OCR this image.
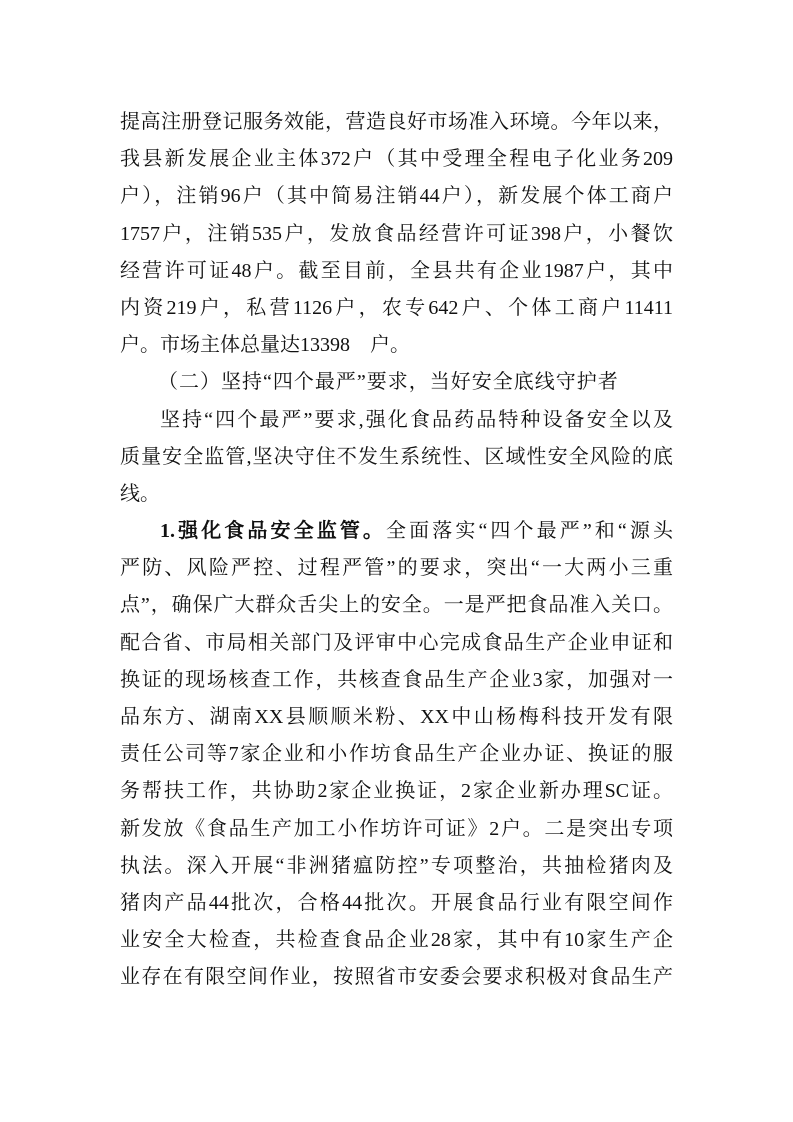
提高注册登记服务效能，营造良好市场准入环境。今年以来，
我县新发展企业主体372户（其中受理全程电子化业务209
户），注销96户（其中简易注销44户），新发展个体工商户
1757户，注销535户，发放食品经营许可证398户，小餐饮
经营许可证48户。截至目前，全县共有企业1987户，其中
内资219户，私营1126户，农专642户、个体工商户11411
户。市场主体总量达13398　户。
（二）坚持“四个最严”要求，当好安全底线守护者
坚持“四个最严”要求,强化食品药品特种设备安全以及
质量安全监管,坚决守住不发生系统性、区域性安全风险的底
线。
1.强化食品安全监管。全面落实“四个最严”和“源头
严防、风险严控、过程严管”的要求，突出“一大两小三重
点”，确保广大群众舌尖上的安全。一是严把食品准入关口。
配合省、市局相关部门及评审中心完成食品生产企业申证和
换证的现场核查工作，共核查食品生产企业3家，加强对一
品东方、湖南XX县顺顺米粉、XX中山杨梅科技开发有限
责任公司等7家企业和小作坊食品生产企业办证、换证的服
务帮扶工作，共协助2家企业换证，2家企业新办理SC证。
新发放《食品生产加工小作坊许可证》2户。二是突出专项
执法。深入开展“非洲猪瘟防控”专项整治，共抽检猪肉及
猪肉产品44批次，合格44批次。开展食品行业有限空间作
业安全大检查，共检查食品企业28家，其中有10家生产企
业存在有限空间作业，按照省市安委会要求积极对食品生产
